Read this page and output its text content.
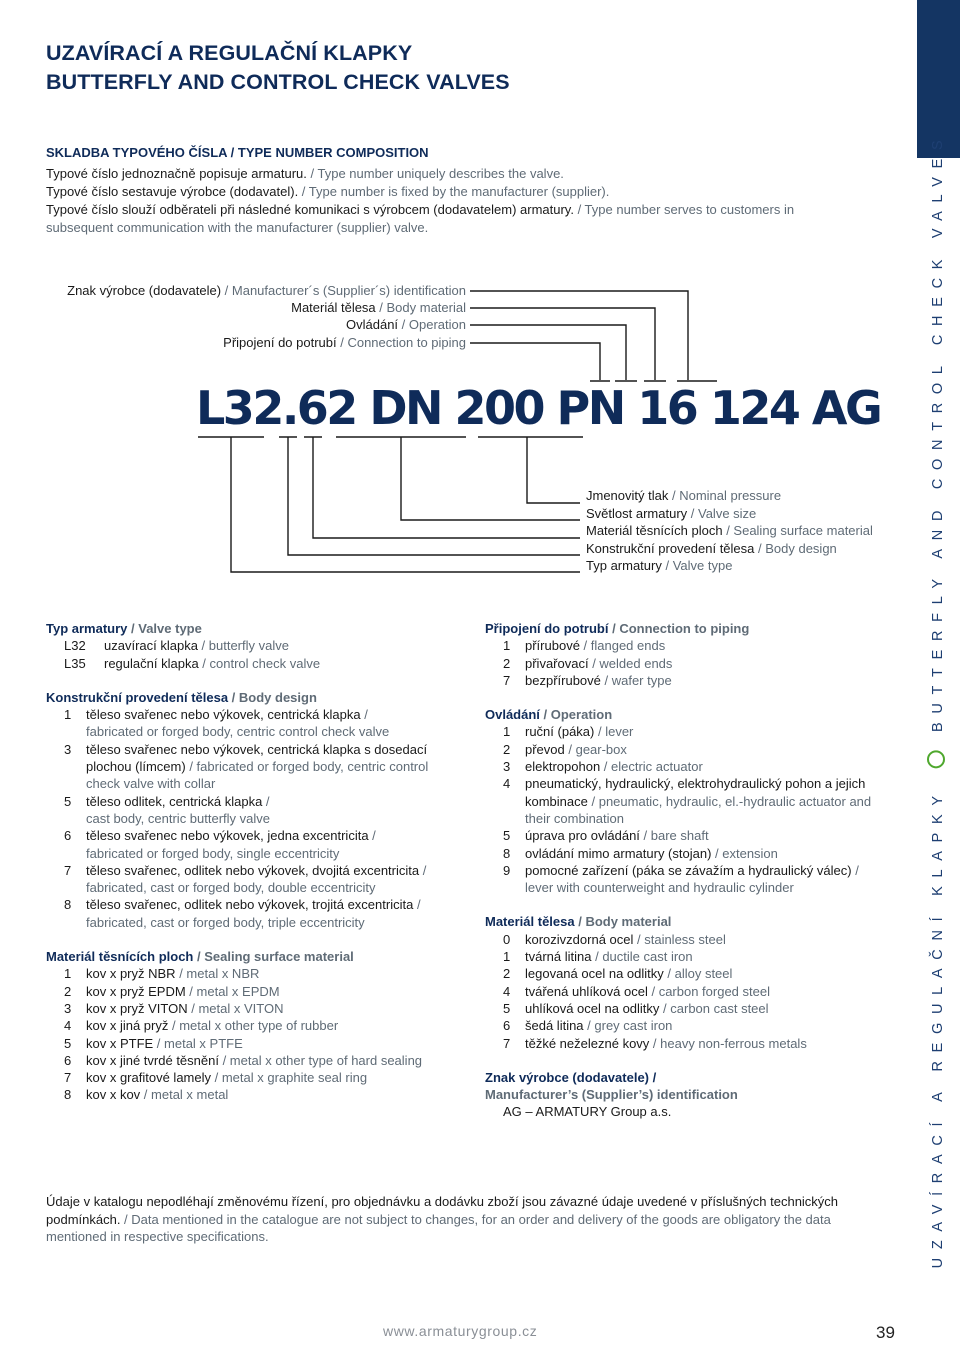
UZAVÍRACÍ A REGULAČNÍ KLAPKY
BUTTERFLY AND CONTROL CHECK VALVES
UZAVÍRACÍ A REGULAČNÍ KLAPKY  BUTTERFLY AND CONTROL CHECK VALVES
SKLADBA TYPOVÉHO ČÍSLA / TYPE NUMBER COMPOSITION
Typové číslo jednoznačně popisuje armaturu. / Type number uniquely describes the valve.
Typové číslo sestavuje výrobce (dodavatel). / Type number is fixed by the manufacturer (supplier).
Typové číslo slouží odběrateli při následné komunikaci s výrobcem (dodavatelem) armatury. / Type number serves to customers in
subsequent communication with the manufacturer (supplier) valve.
Znak výrobce (dodavatele) / Manufacturer´s (Supplier´s) identification
Materiál tělesa / Body material
Ovládání / Operation
Připojení do potrubí / Connection to piping
L32.62 DN 200 PN 16 124 AG
Jmenovitý tlak / Nominal pressure
Světlost armatury / Valve size
Materiál těsnících ploch / Sealing surface material
Konstrukční provedení tělesa / Body design
Typ armatury / Valve type
Typ armatury / Valve type
L32 uzavírací klapka / butterfly valve
L35 regulační klapka / control check valve
Konstrukční provedení tělesa / Body design
1 těleso svařenec nebo výkovek, centrická klapka /
fabricated or forged body, centric control check valve
3 těleso svařenec nebo výkovek, centrická klapka s dosedací
plochou (límcem) / fabricated or forged body, centric control
check valve with collar
5 těleso odlitek, centrická klapka /
cast body, centric butterfly valve
6 těleso svařenec nebo výkovek, jedna excentricita /
fabricated or forged body, single eccentricity
7 těleso svařenec, odlitek nebo výkovek, dvojitá excentricita /
fabricated, cast or forged body, double eccentricity
8 těleso svařenec, odlitek nebo výkovek, trojitá excentricita /
fabricated, cast or forged body, triple eccentricity
Materiál těsnících ploch / Sealing surface material
1 kov x pryž NBR / metal x NBR
2 kov x pryž EPDM / metal x EPDM
3 kov x pryž VITON / metal x VITON
4 kov x jiná pryž / metal x other type of rubber
5 kov x PTFE / metal x PTFE
6 kov x jiné tvrdé těsnění / metal x other type of hard sealing
7 kov x grafitové lamely / metal x graphite seal ring
8 kov x kov / metal x metal
Připojení do potrubí / Connection to piping
1 přírubové / flanged ends
2 přivařovací / welded ends
7 bezpřírubové / wafer type
Ovládání / Operation
1 ruční (páka) / lever
2 převod / gear-box
3 elektropohon / electric actuator
4 pneumatický, hydraulický, elektrohydraulický pohon a jejich
kombinace / pneumatic, hydraulic, el.-hydraulic actuator and
their combination
5 úprava pro ovládání / bare shaft
8 ovládání mimo armatury (stojan) / extension
9 pomocné zařízení (páka se závažím a hydraulický válec) /
lever with counterweight and hydraulic cylinder
Materiál tělesa / Body material
0 korozivzdorná ocel / stainless steel
1 tvárná litina / ductile cast iron
2 legovaná ocel na odlitky / alloy steel
4 tvářená uhlíková ocel / carbon forged steel
5 uhlíková ocel na odlitky / carbon cast steel
6 šedá litina / grey cast iron
7 těžké neželezné kovy / heavy non-ferrous metals
Znak výrobce (dodavatele) /
Manufacturer’s (Supplier’s) identification
AG – ARMATURY Group a.s.
Údaje v katalogu nepodléhají změnovému řízení, pro objednávku a dodávku zboží jsou závazné údaje uvedené v příslušných technických podmínkách. / Data mentioned in the catalogue are not subject to changes, for an order and delivery of the goods are obligatory the data mentioned in respective specifications.
www.armaturygroup.cz	39
